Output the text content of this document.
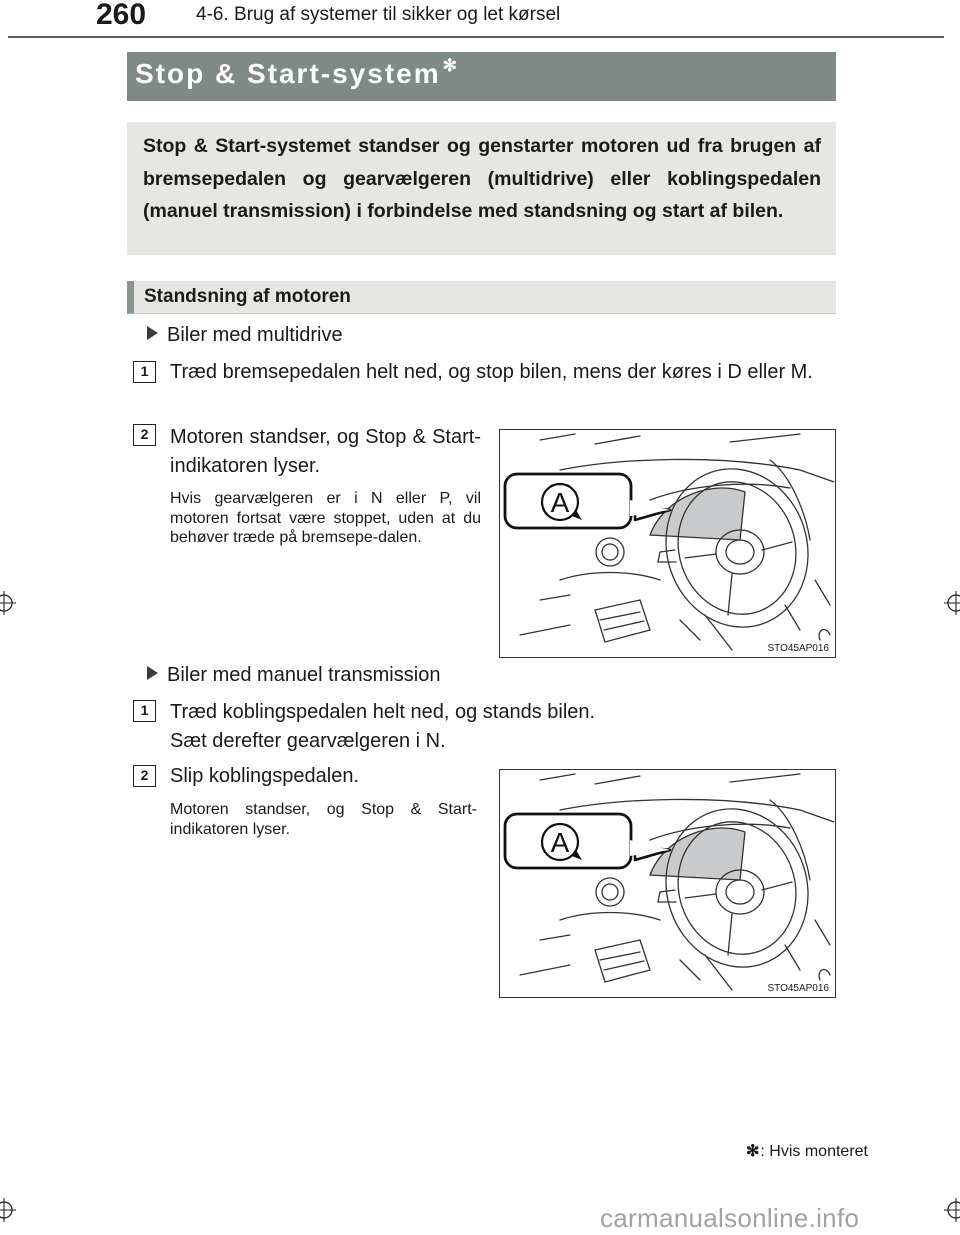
260	4-6. Brug af systemer til sikker og let kørsel
Stop & Start-system ✻

Stop & Start-systemet standser og genstarter motoren ud fra brugen af bremsepedalen og gearvælgeren (multidrive) eller koblingspedalen (manuel transmission) i forbindelse med standsning og start af bilen.

Standsning af motoren
Biler med multidrive
1	Træd bremsepedalen helt ned, og stop bilen, mens der køres i D eller M.
2	Motoren standser, og Stop & Start-indikatoren lyser.
Hvis gearvælgeren er i N eller P, vil motoren fortsat være stoppet, uden at du behøver træde på bremsepe-dalen.
A
STO45AP016
Biler med manuel transmission
1	Træd koblingspedalen helt ned, og stands bilen.
Sæt derefter gearvælgeren i N.
2	Slip koblingspedalen.
Motoren standser, og Stop & Start-indikatoren lyser.	A
STO45AP016
✻: Hvis monteret
carmanualsonline.info
